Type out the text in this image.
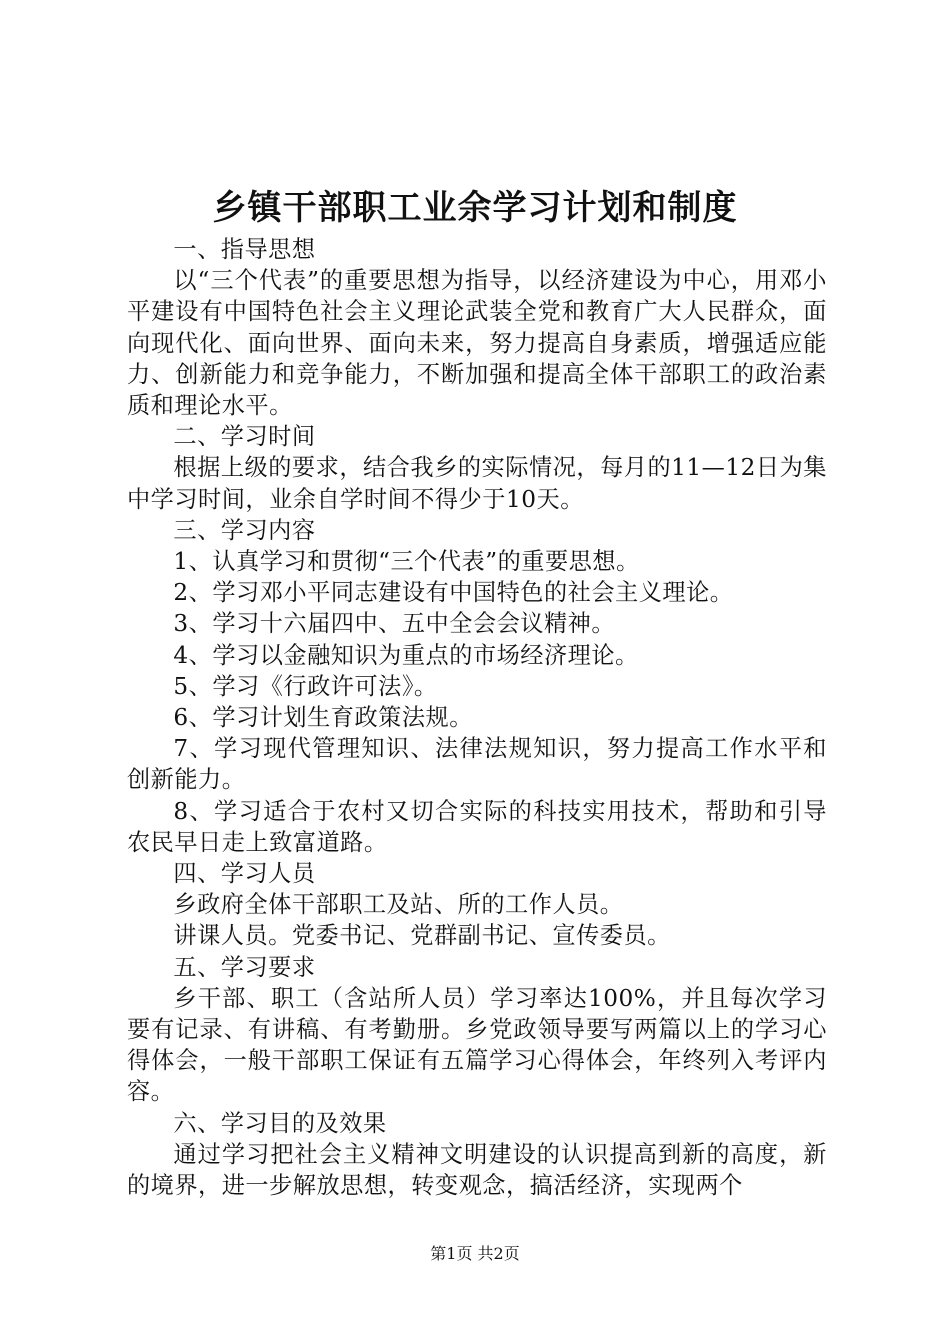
乡镇干部职工业余学习计划和制度

一、指导思想

以“三个代表”的重要思想为指导，以经济建设为中心，用邓小平建设有中国特色社会主义理论武装全党和教育广大人民群众，面向现代化、面向世界、面向未来，努力提高自身素质，增强适应能力、创新能力和竞争能力，不断加强和提高全体干部职工的政治素质和理论水平。

二、学习时间

根据上级的要求，结合我乡的实际情况，每月的11—12日为集中学习时间，业余自学时间不得少于10天。

三、学习内容

1、认真学习和贯彻“三个代表”的重要思想。

2、学习邓小平同志建设有中国特色的社会主义理论。

3、学习十六届四中、五中全会会议精神。

4、学习以金融知识为重点的市场经济理论。

5、学习《行政许可法》。

6、学习计划生育政策法规。

7、学习现代管理知识、法律法规知识，努力提高工作水平和创新能力。

8、学习适合于农村又切合实际的科技实用技术，帮助和引导农民早日走上致富道路。

四、学习人员

乡政府全体干部职工及站、所的工作人员。

讲课人员。党委书记、党群副书记、宣传委员。

五、学习要求

乡干部、职工（含站所人员）学习率达100%，并且每次学习要有记录、有讲稿、有考勤册。乡党政领导要写两篇以上的学习心得体会，一般干部职工保证有五篇学习心得体会，年终列入考评内容。

六、学习目的及效果

通过学习把社会主义精神文明建设的认识提高到新的高度，新的境界，进一步解放思想，转变观念，搞活经济，实现两个

第1页 共2页
